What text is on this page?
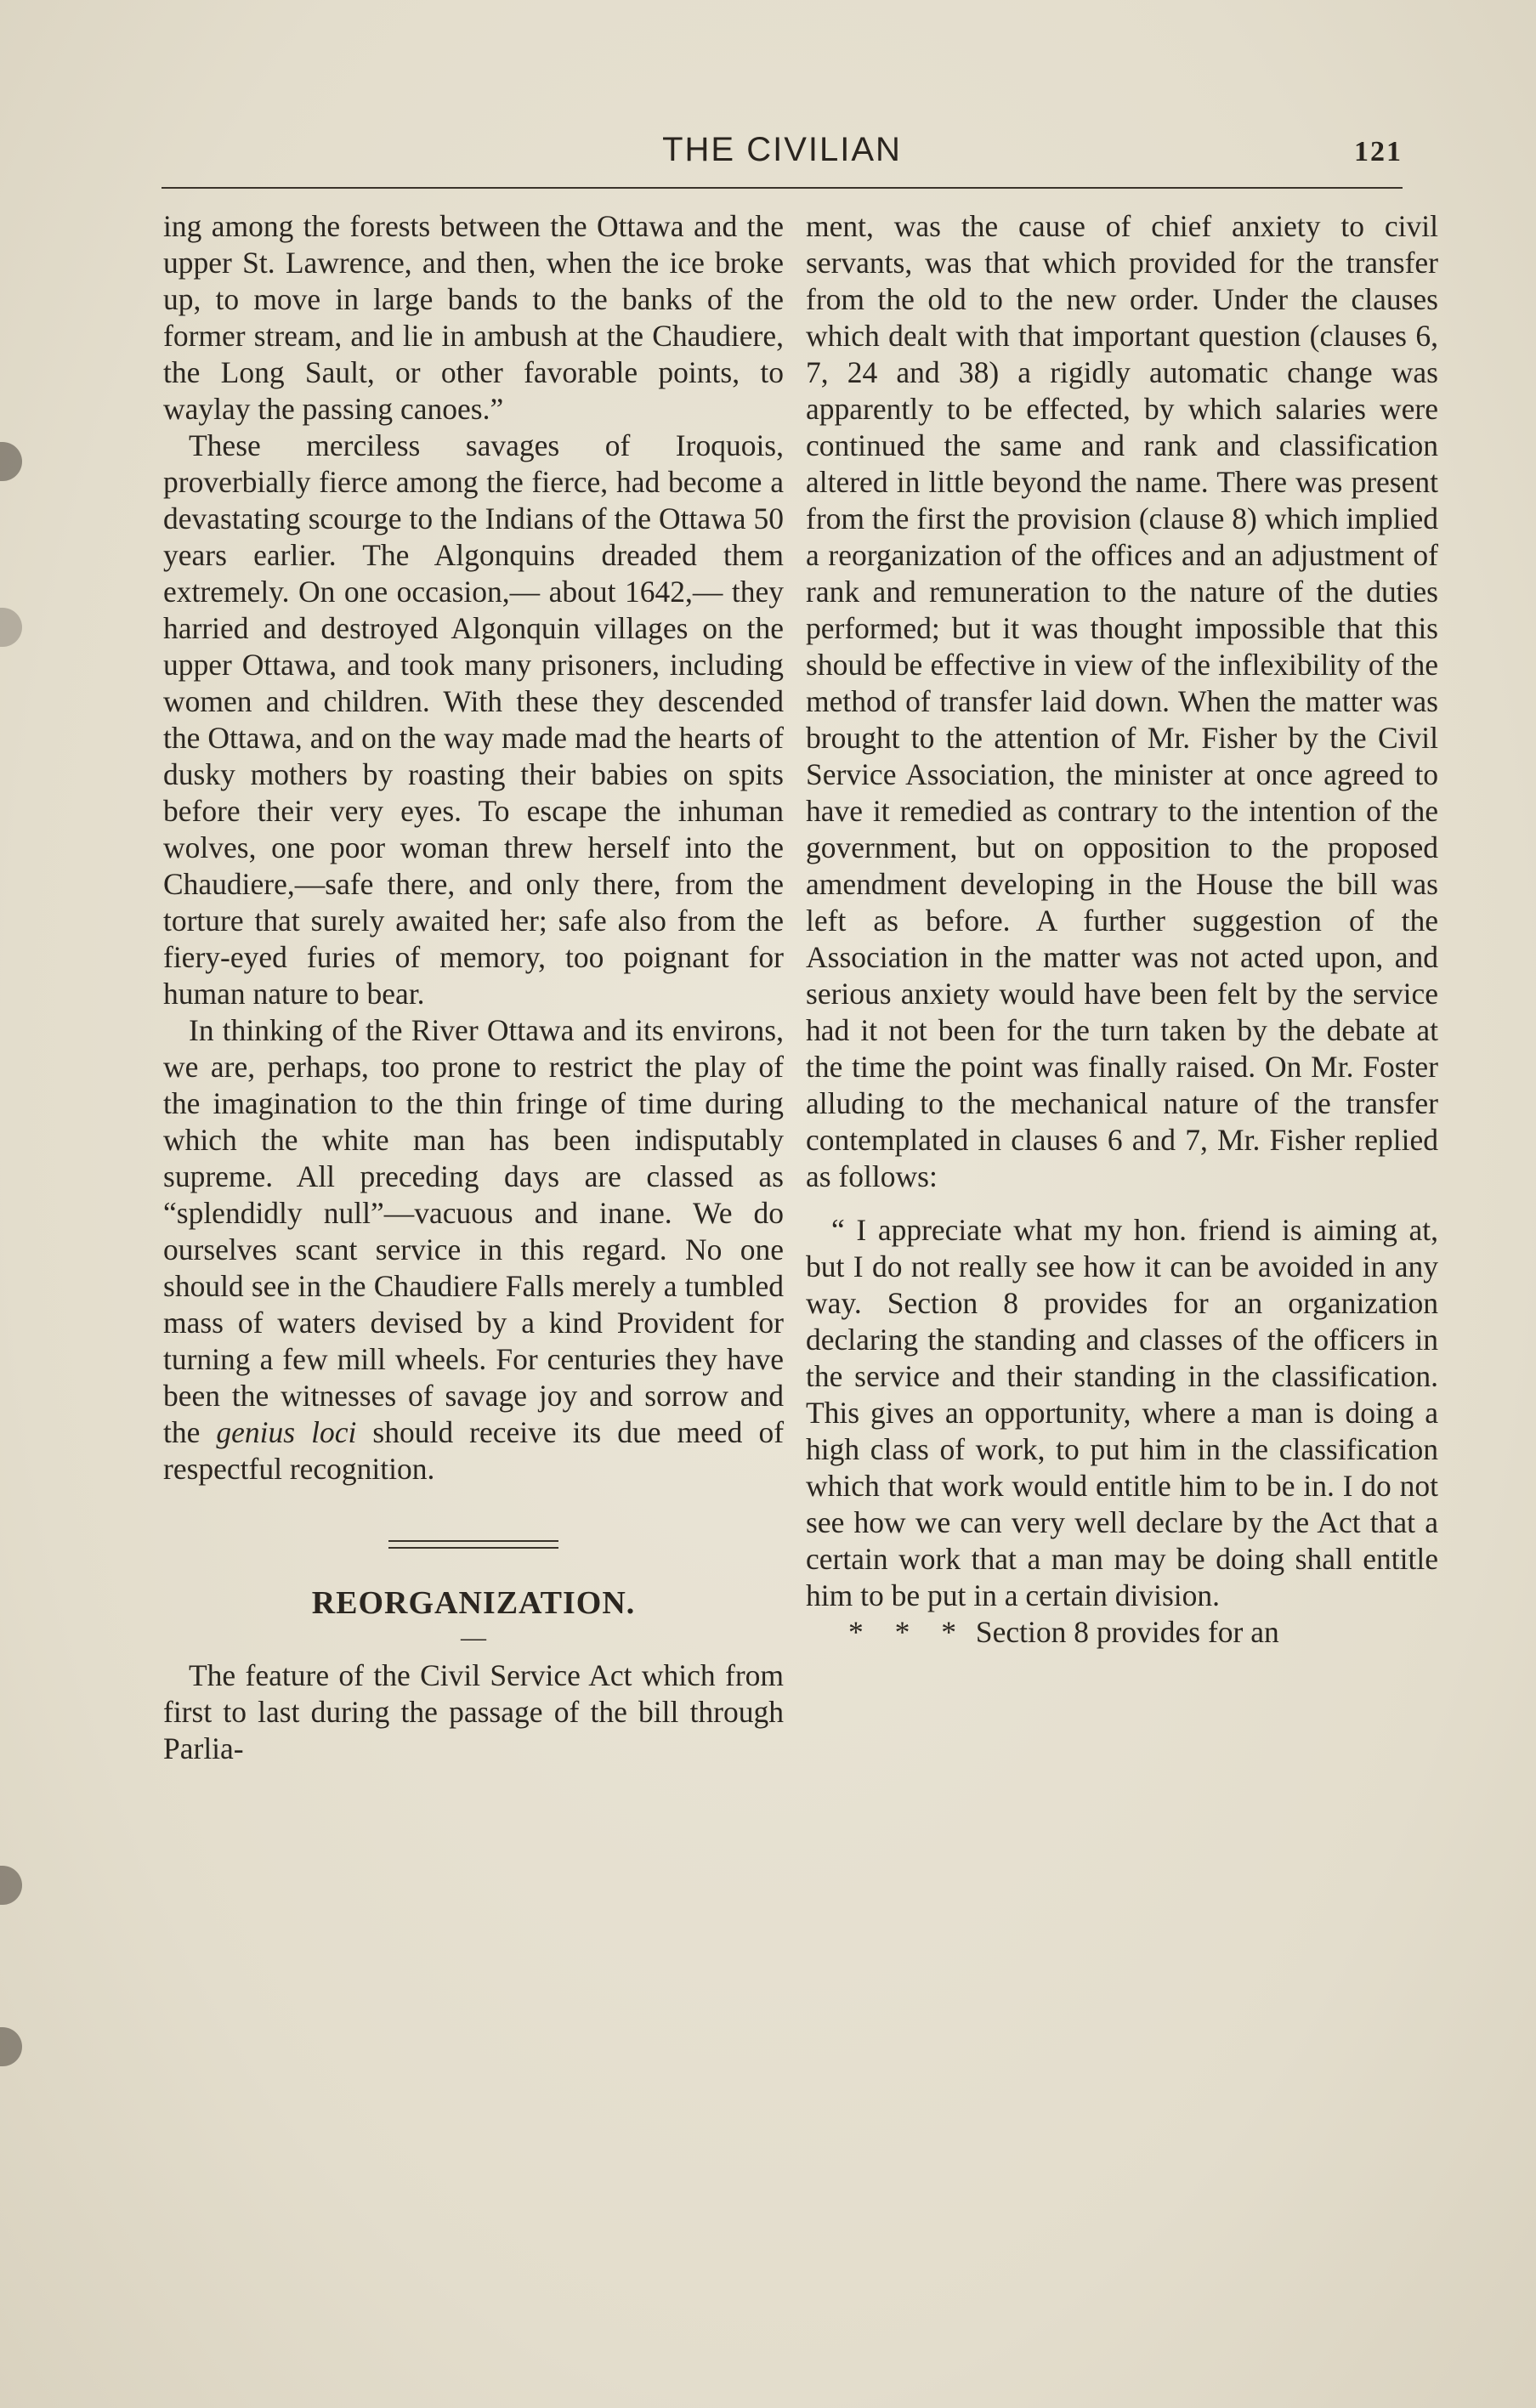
THE CIVILIAN	121

ing among the forests between the Ottawa and the upper St. Lawrence, and then, when the ice broke up, to move in large bands to the banks of the former stream, and lie in ambush at the Chaudiere, the Long Sault, or other favorable points, to waylay the passing canoes.”

These merciless savages of Iroquois, proverbially fierce among the fierce, had become a devastating scourge to the Indians of the Ottawa 50 years earlier. The Algonquins dreaded them extremely. On one occasion,— about 1642,— they harried and destroyed Algonquin villages on the upper Ottawa, and took many prisoners, including women and children. With these they descended the Ottawa, and on the way made mad the hearts of dusky mothers by roasting their babies on spits before their very eyes. To escape the inhuman wolves, one poor woman threw herself into the Chaudiere,—safe there, and only there, from the torture that surely awaited her; safe also from the fiery-eyed furies of memory, too poignant for human nature to bear.

In thinking of the River Ottawa and its environs, we are, perhaps, too prone to restrict the play of the imagination to the thin fringe of time during which the white man has been indisputably supreme. All preceding days are classed as “splendidly null”—vacuous and inane. We do ourselves scant service in this regard. No one should see in the Chaudiere Falls merely a tumbled mass of waters devised by a kind Provident for turning a few mill wheels. For centuries they have been the witnesses of savage joy and sorrow and the genius loci should receive its due meed of respectful recognition.

REORGANIZATION.
—

The feature of the Civil Service Act which from first to last during the passage of the bill through Parlia-

ment, was the cause of chief anxiety to civil servants, was that which provided for the transfer from the old to the new order. Under the clauses which dealt with that important question (clauses 6, 7, 24 and 38) a rigidly automatic change was apparently to be effected, by which salaries were continued the same and rank and classification altered in little beyond the name. There was present from the first the provision (clause 8) which implied a reorganization of the offices and an adjustment of rank and remuneration to the nature of the duties performed; but it was thought impossible that this should be effective in view of the inflexibility of the method of transfer laid down. When the matter was brought to the attention of Mr. Fisher by the Civil Service Association, the minister at once agreed to have it remedied as contrary to the intention of the government, but on opposition to the proposed amendment developing in the House the bill was left as before. A further suggestion of the Association in the matter was not acted upon, and serious anxiety would have been felt by the service had it not been for the turn taken by the debate at the time the point was finally raised. On Mr. Foster alluding to the mechanical nature of the transfer contemplated in clauses 6 and 7, Mr. Fisher replied as follows:

“ I appreciate what my hon. friend is aiming at, but I do not really see how it can be avoided in any way. Section 8 provides for an organization declaring the standing and classes of the officers in the service and their standing in the classification. This gives an opportunity, where a man is doing a high class of work, to put him in the classification which that work would entitle him to be in. I do not see how we can very well declare by the Act that a certain work that a man may be doing shall entitle him to be put in a certain division.
* * * Section 8 provides for an
